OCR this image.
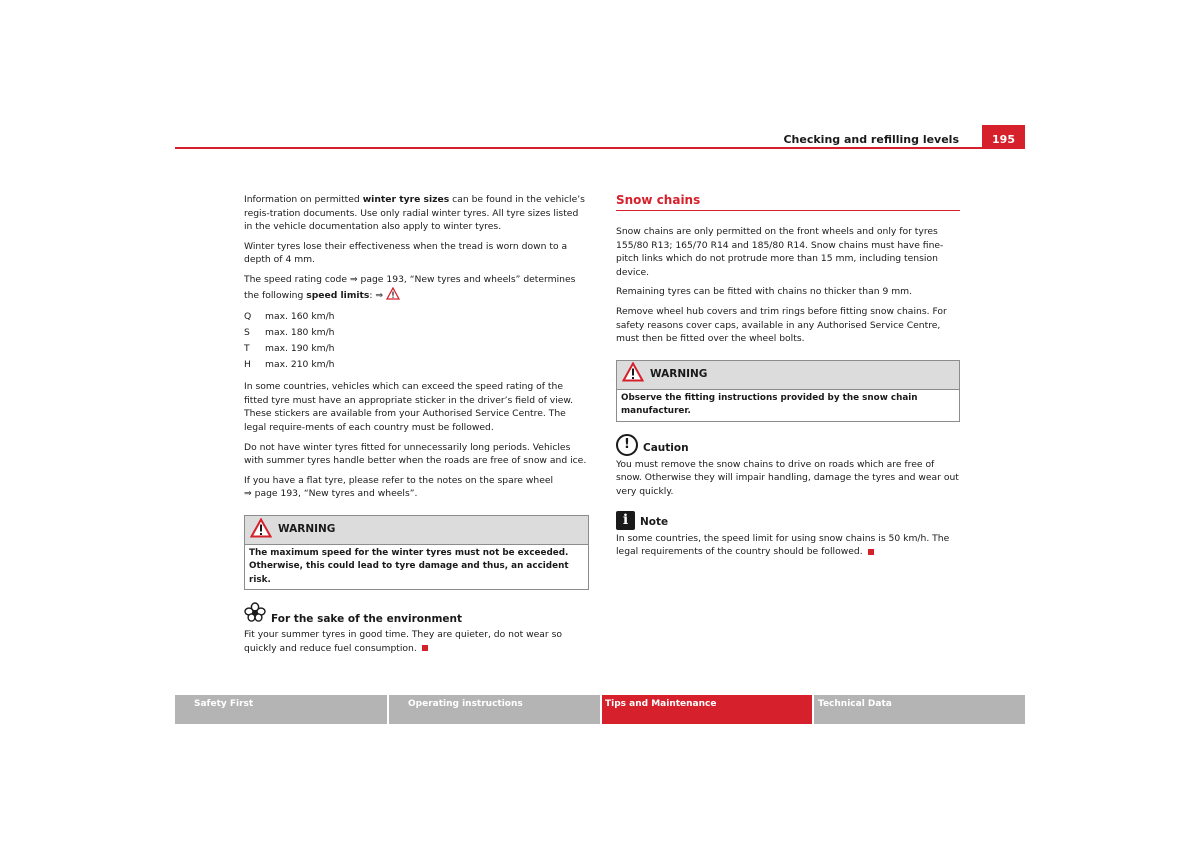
Checking and refilling levels	195

Information on permitted winter tyre sizes can be found in the vehicle’s regis-tration documents. Use only radial winter tyres. All tyre sizes listed in the vehicle documentation also apply to winter tyres.

Winter tyres lose their effectiveness when the tread is worn down to a depth of 4 mm.

The speed rating code ⇒ page 193, “New tyres and wheels” determines the following speed limits: ⇒

Q	max. 160 km/h
S	max. 180 km/h
T	max. 190 km/h
H	max. 210 km/h

In some countries, vehicles which can exceed the speed rating of the fitted tyre must have an appropriate sticker in the driver’s field of view. These stickers are available from your Authorised Service Centre. The legal require-ments of each country must be followed.

Do not have winter tyres fitted for unnecessarily long periods. Vehicles with summer tyres handle better when the roads are free of snow and ice.

If you have a flat tyre, please refer to the notes on the spare wheel
⇒ page 193, “New tyres and wheels”.

WARNING
The maximum speed for the winter tyres must not be exceeded. Otherwise, this could lead to tyre damage and thus, an accident risk.
For the sake of the environment

Fit your summer tyres in good time. They are quieter, do not wear so quickly and reduce fuel consumption.

Snow chains

Snow chains are only permitted on the front wheels and only for tyres 155/80 R13; 165/70 R14 and 185/80 R14. Snow chains must have fine-pitch links which do not protrude more than 15 mm, including tension device.

Remaining tyres can be fitted with chains no thicker than 9 mm.

Remove wheel hub covers and trim rings before fitting snow chains. For safety reasons cover caps, available in any Authorised Service Centre, must then be fitted over the wheel bolts.

WARNING
Observe the fitting instructions provided by the snow chain manufacturer.
!	Caution

You must remove the snow chains to drive on roads which are free of snow. Otherwise they will impair handling, damage the tyres and wear out very quickly.

i	Note

In some countries, the speed limit for using snow chains is 50 km/h. The legal requirements of the country should be followed.

Safety First	Operating instructions	Tips and Maintenance	Technical Data
